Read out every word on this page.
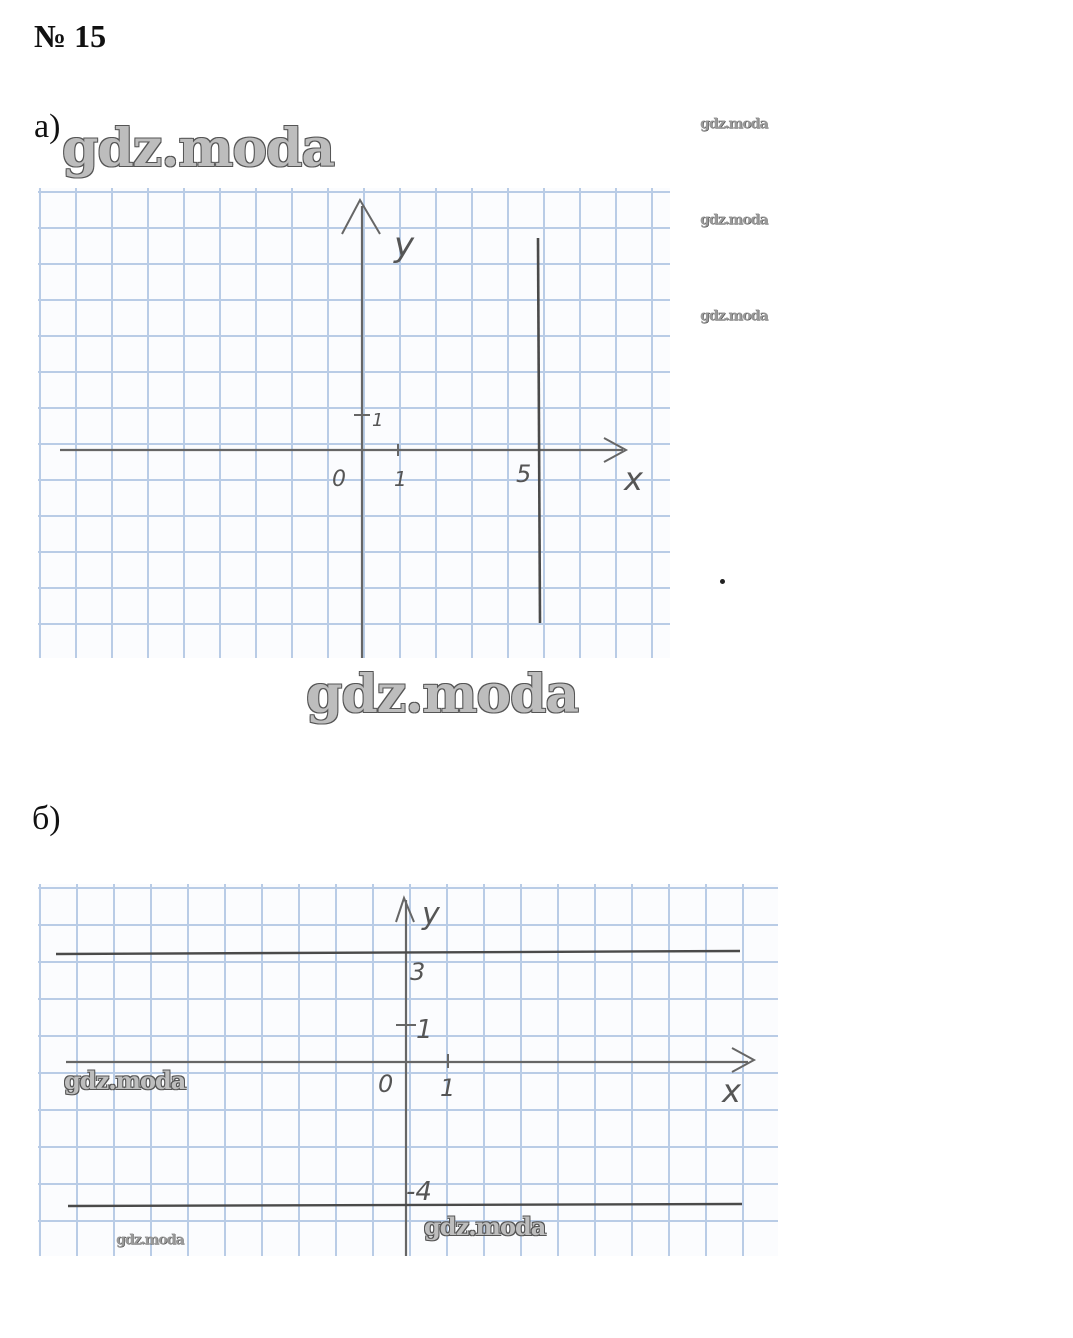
№ 15
а) gdz.moda	gdz.moda
gdz.moda
gdz.moda
y
x
0 1
1
5
gdz.moda
б)
y
x
0 1
1
3
-4
gdz.moda
gdz.moda
gdz.moda
